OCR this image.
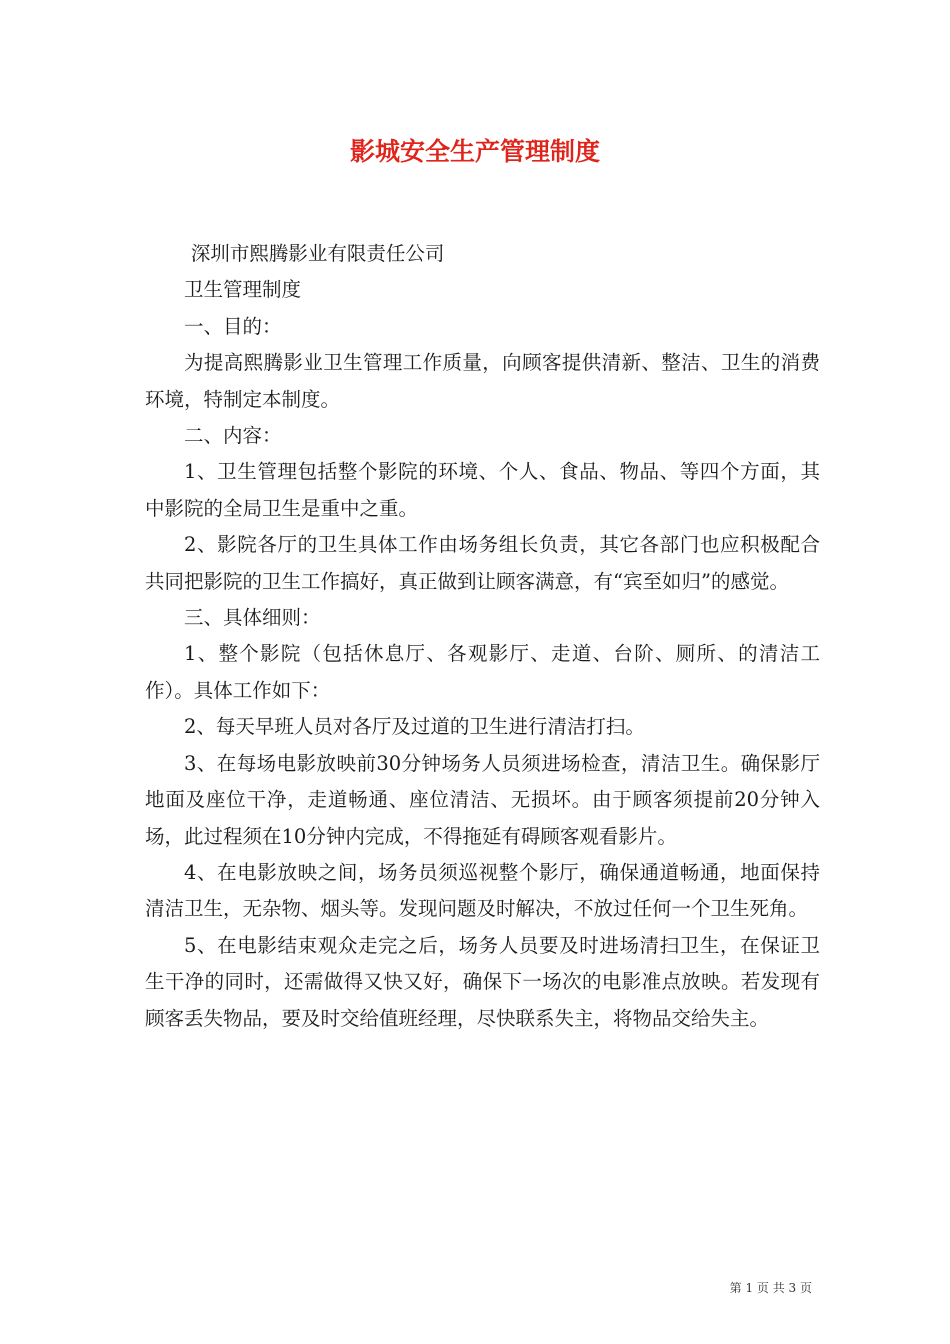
影城安全生产管理制度

深圳市熙腾影业有限责任公司

卫生管理制度

一、目的：

为提高熙腾影业卫生管理工作质量，向顾客提供清新、整洁、卫生的消费环境，特制定本制度。

二、内容：

1、卫生管理包括整个影院的环境、个人、食品、物品、等四个方面，其中影院的全局卫生是重中之重。

2、影院各厅的卫生具体工作由场务组长负责，其它各部门也应积极配合共同把影院的卫生工作搞好，真正做到让顾客满意，有“宾至如归”的感觉。

三、具体细则：

1、整个影院（包括休息厅、各观影厅、走道、台阶、厕所、的清洁工作）。具体工作如下：

2、每天早班人员对各厅及过道的卫生进行清洁打扫。

3、在每场电影放映前30分钟场务人员须进场检查，清洁卫生。确保影厅地面及座位干净，走道畅通、座位清洁、无损坏。由于顾客须提前20分钟入场，此过程须在10分钟内完成，不得拖延有碍顾客观看影片。

4、在电影放映之间，场务员须巡视整个影厅，确保通道畅通，地面保持清洁卫生，无杂物、烟头等。发现问题及时解决，不放过任何一个卫生死角。

5、在电影结束观众走完之后，场务人员要及时进场清扫卫生，在保证卫生干净的同时，还需做得又快又好，确保下一场次的电影准点放映。若发现有顾客丢失物品，要及时交给值班经理，尽快联系失主，将物品交给失主。

第 1 页 共 3 页
